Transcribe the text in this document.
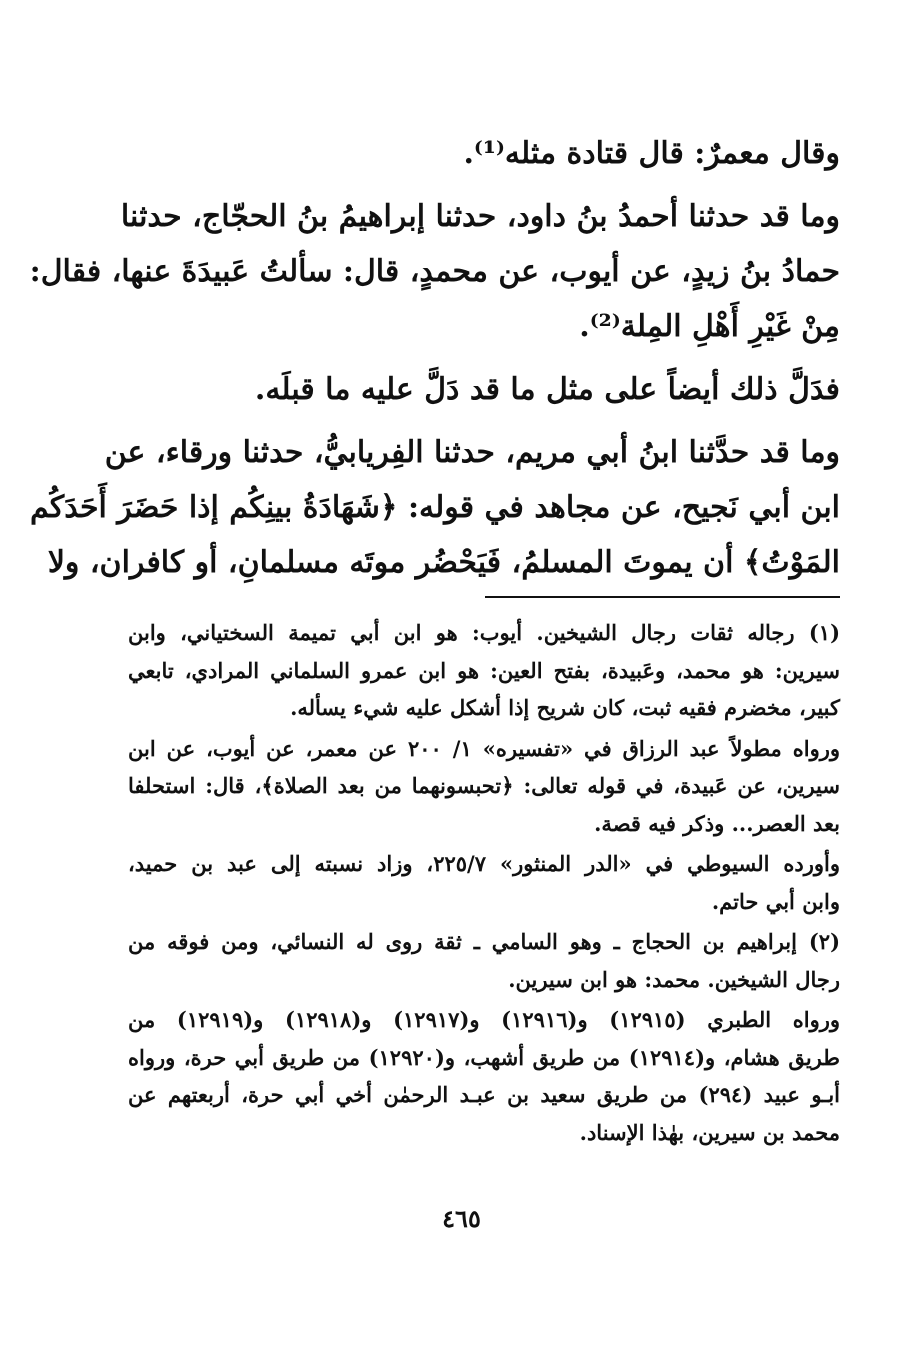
وقال معمرٌ: قال قتادة مثله⁽¹⁾.
وما قد حدثنا أحمدُ بنُ داود، حدثنا إبراهيمُ بنُ الحجّاج، حدثنا
حمادُ بنُ زيدٍ، عن أيوب، عن محمدٍ، قال: سألتُ عَبيدَةَ عنها، فقال:
مِنْ غَيْرِ أَهْلِ المِلة⁽²⁾.
فدَلَّ ذلك أيضاً على مثل ما قد دَلَّ عليه ما قبلَه.
وما قد حدَّثنا ابنُ أبي مريم، حدثنا الفِريابيُّ، حدثنا ورقاء، عن
ابن أبي نَجيح، عن مجاهد في قوله: ﴿شَهَادَةُ بينِكُم إذا حَضَرَ أَحَدَكُم
المَوْتُ﴾ أن يموتَ المسلمُ، فَيَحْضُر موتَه مسلمانِ، أو كافران، ولا
(١) رجاله ثقات رجال الشيخين. أيوب: هو ابن أبي تميمة السختياني، وابن
سيرين: هو محمد، وعَبيدة، بفتح العين: هو ابن عمرو السلماني المرادي، تابعي
كبير، مخضرم فقيه ثبت، كان شريح إذا أشكل عليه شيء يسأله.
ورواه مطولاً عبد الرزاق في «تفسيره» ١/ ٢٠٠ عن معمر، عن أيوب، عن ابن
سيرين، عن عَبيدة، في قوله تعالى: ﴿تحبسونهما من بعد الصلاة﴾، قال: استحلفا
بعد العصر... وذكر فيه قصة.
وأورده السيوطي في «الدر المنثور» ٢٢٥/٧، وزاد نسبته إلى عبد بن حميد،
وابن أبي حاتم.
(٢) إبراهيم بن الحجاج ـ وهو السامي ـ ثقة روى له النسائي، ومن فوقه من
رجال الشيخين. محمد: هو ابن سيرين.
ورواه الطبري (١٢٩١٥) و(١٢٩١٦) و(١٢٩١٧) و(١٢٩١٨) و(١٢٩١٩) من
طريق هشام، و(١٢٩١٤) من طريق أشهب، و(١٢٩٢٠) من طريق أبي حرة، ورواه
أبـو عبيد (٢٩٤) من طريق سعيد بن عبـد الرحمٰن أخي أبي حرة، أربعتهم عن
محمد بن سيرين، بهٰذا الإسناد.
٤٦٥
